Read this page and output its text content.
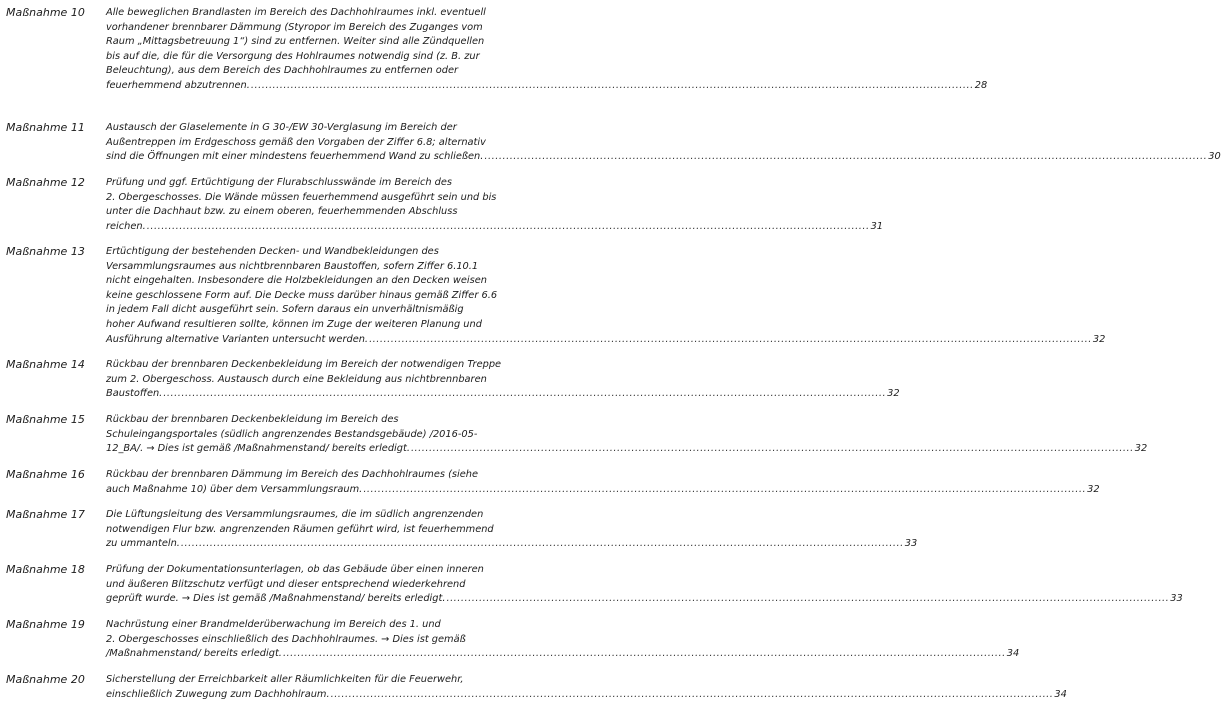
Maßnahme 10 Alle beweglichen Brandlasten im Bereich des Dachhohlraumes inkl. eventuell
vorhandener brennbarer Dämmung (Styropor im Bereich des Zuganges vom
Raum „Mittagsbetreuung 1“) sind zu entfernen. Weiter sind alle Zündquellen
bis auf die, die für die Versorgung des Hohlraumes notwendig sind (z. B. zur
Beleuchtung), aus dem Bereich des Dachhohlraumes zu entfernen oder
feuerhemmend abzutrennen. ........................................................................................................................................................................................................ 28
Maßnahme 11 Austausch der Glaselemente in G 30-/EW 30-Verglasung im Bereich der
Außentreppen im Erdgeschoss gemäß den Vorgaben der Ziffer 6.8; alternativ
sind die Öffnungen mit einer mindestens feuerhemmend Wand zu schließen. ........................................................................................................................................................................................................ 30
Maßnahme 12 Prüfung und ggf. Ertüchtigung der Flurabschlusswände im Bereich des
2. Obergeschosses. Die Wände müssen feuerhemmend ausgeführt sein und bis
unter die Dachhaut bzw. zu einem oberen, feuerhemmenden Abschluss
reichen. ........................................................................................................................................................................................................ 31
Maßnahme 13 Ertüchtigung der bestehenden Decken- und Wandbekleidungen des
Versammlungsraumes aus nichtbrennbaren Baustoffen, sofern Ziffer 6.10.1
nicht eingehalten. Insbesondere die Holzbekleidungen an den Decken weisen
keine geschlossene Form auf. Die Decke muss darüber hinaus gemäß Ziffer 6.6
in jedem Fall dicht ausgeführt sein. Sofern daraus ein unverhältnismäßig
hoher Aufwand resultieren sollte, können im Zuge der weiteren Planung und
Ausführung alternative Varianten untersucht werden. ........................................................................................................................................................................................................ 32
Maßnahme 14 Rückbau der brennbaren Deckenbekleidung im Bereich der notwendigen Treppe
zum 2. Obergeschoss. Austausch durch eine Bekleidung aus nichtbrennbaren
Baustoffen. ........................................................................................................................................................................................................ 32
Maßnahme 15 Rückbau der brennbaren Deckenbekleidung im Bereich des
Schuleingangsportales (südlich angrenzendes Bestandsgebäude) /2016-05-
12_BA/. → Dies ist gemäß /Maßnahmenstand/ bereits erledigt. ........................................................................................................................................................................................................ 32
Maßnahme 16 Rückbau der brennbaren Dämmung im Bereich des Dachhohlraumes (siehe
auch Maßnahme 10) über dem Versammlungsraum. ........................................................................................................................................................................................................ 32
Maßnahme 17 Die Lüftungsleitung des Versammlungsraumes, die im südlich angrenzenden
notwendigen Flur bzw. angrenzenden Räumen geführt wird, ist feuerhemmend
zu ummanteln. ........................................................................................................................................................................................................ 33
Maßnahme 18 Prüfung der Dokumentationsunterlagen, ob das Gebäude über einen inneren
und äußeren Blitzschutz verfügt und dieser entsprechend wiederkehrend
geprüft wurde. → Dies ist gemäß /Maßnahmenstand/ bereits erledigt. ........................................................................................................................................................................................................ 33
Maßnahme 19 Nachrüstung einer Brandmelderüberwachung im Bereich des 1. und
2. Obergeschosses einschließlich des Dachhohlraumes. → Dies ist gemäß
/Maßnahmenstand/ bereits erledigt. ........................................................................................................................................................................................................ 34
Maßnahme 20 Sicherstellung der Erreichbarkeit aller Räumlichkeiten für die Feuerwehr,
einschließlich Zuwegung zum Dachhohlraum. ........................................................................................................................................................................................................ 34
